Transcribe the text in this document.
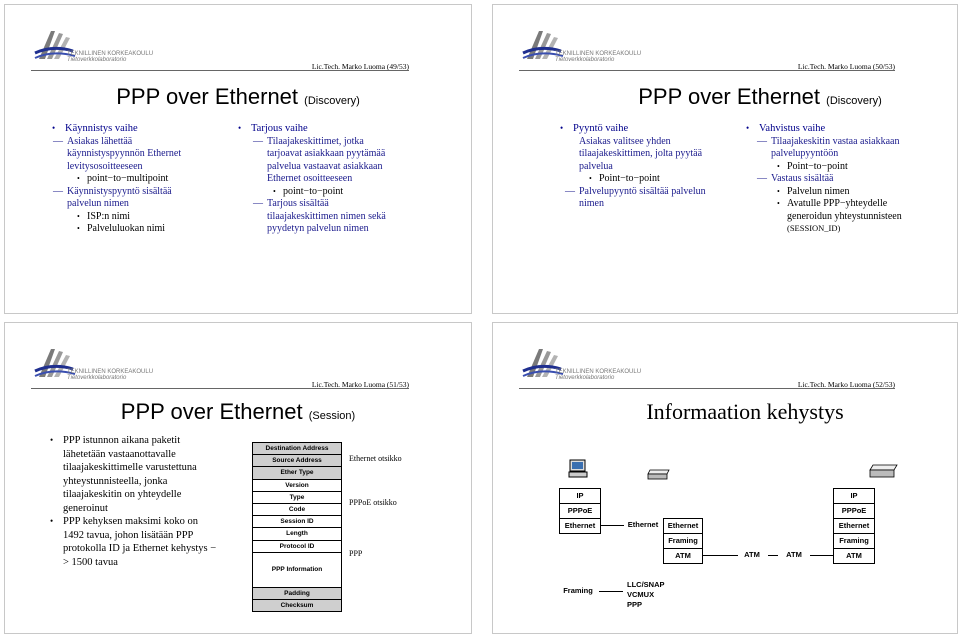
TEKNILLINEN KORKEAKOULU
Tietoverkkolaboratorio
Lic.Tech. Marko Luoma (49/53)
PPP over Ethernet (Discovery)
• Käynnistys vaihe
— Asiakas lähettää
käynnistyspyynnön Ethernet
levitysosoitteeseen
• point−to−multipoint
— Käynnistyspyyntö sisältää
palvelun nimen
• ISP:n nimi
• Palveluluokan nimi
• Tarjous vaihe
— Tilaajakeskittimet, jotka
tarjoavat asiakkaan pyytämää
palvelua vastaavat asiakkaan
Ethernet osoitteeseen
• point−to−point
— Tarjous sisältää
tilaajakeskittimen nimen sekä
pyydetyn palvelun nimen
TEKNILLINEN KORKEAKOULU
Tietoverkkolaboratorio
Lic.Tech. Marko Luoma (50/53)
PPP over Ethernet (Discovery)
• Pyyntö vaihe
Asiakas valitsee yhden
tilaajakeskittimen, jolta pyytää
palvelua
• Point−to−point
— Palvelupyyntö sisältää palvelun
nimen
• Vahvistus vaihe
— Tilaajakeskitin vastaa asiakkaan
palvelupyyntöön
• Point−to−point
— Vastaus sisältää
• Palvelun nimen
• Avatulle PPP−yhteydelle
generoidun yhteystunnisteen
(SESSION_ID)
TEKNILLINEN KORKEAKOULU
Tietoverkkolaboratorio
Lic.Tech. Marko Luoma (51/53)
PPP over Ethernet (Session)
• PPP istunnon aikana paketit
lähetetään vastaanottavalle
tilaajakeskittimelle varustettuna
yhteystunnisteella, jonka
tilaajakeskitin on yhteydelle
generoinut
• PPP kehyksen maksimi koko on
1492 tavua, johon lisätään PPP
protokolla ID ja Ethernet kehystys −
> 1500 tavua
Destination Address
Source Address
Ether Type
Version
Type
Code
Session ID
Length
Protocol ID
PPP Information
Padding
Checksum
Ethernet otsikko
PPPoE otsikko
PPP
TEKNILLINEN KORKEAKOULU
Tietoverkkolaboratorio
Lic.Tech. Marko Luoma (52/53)
Informaation kehystys
IP
PPPoE
Ethernet	Ethernet	Ethernet
Framing
ATM	ATM	ATM
IP
PPPoE
Ethernet
Framing
ATM
Framing
LLC/SNAP
VCMUX
PPP
